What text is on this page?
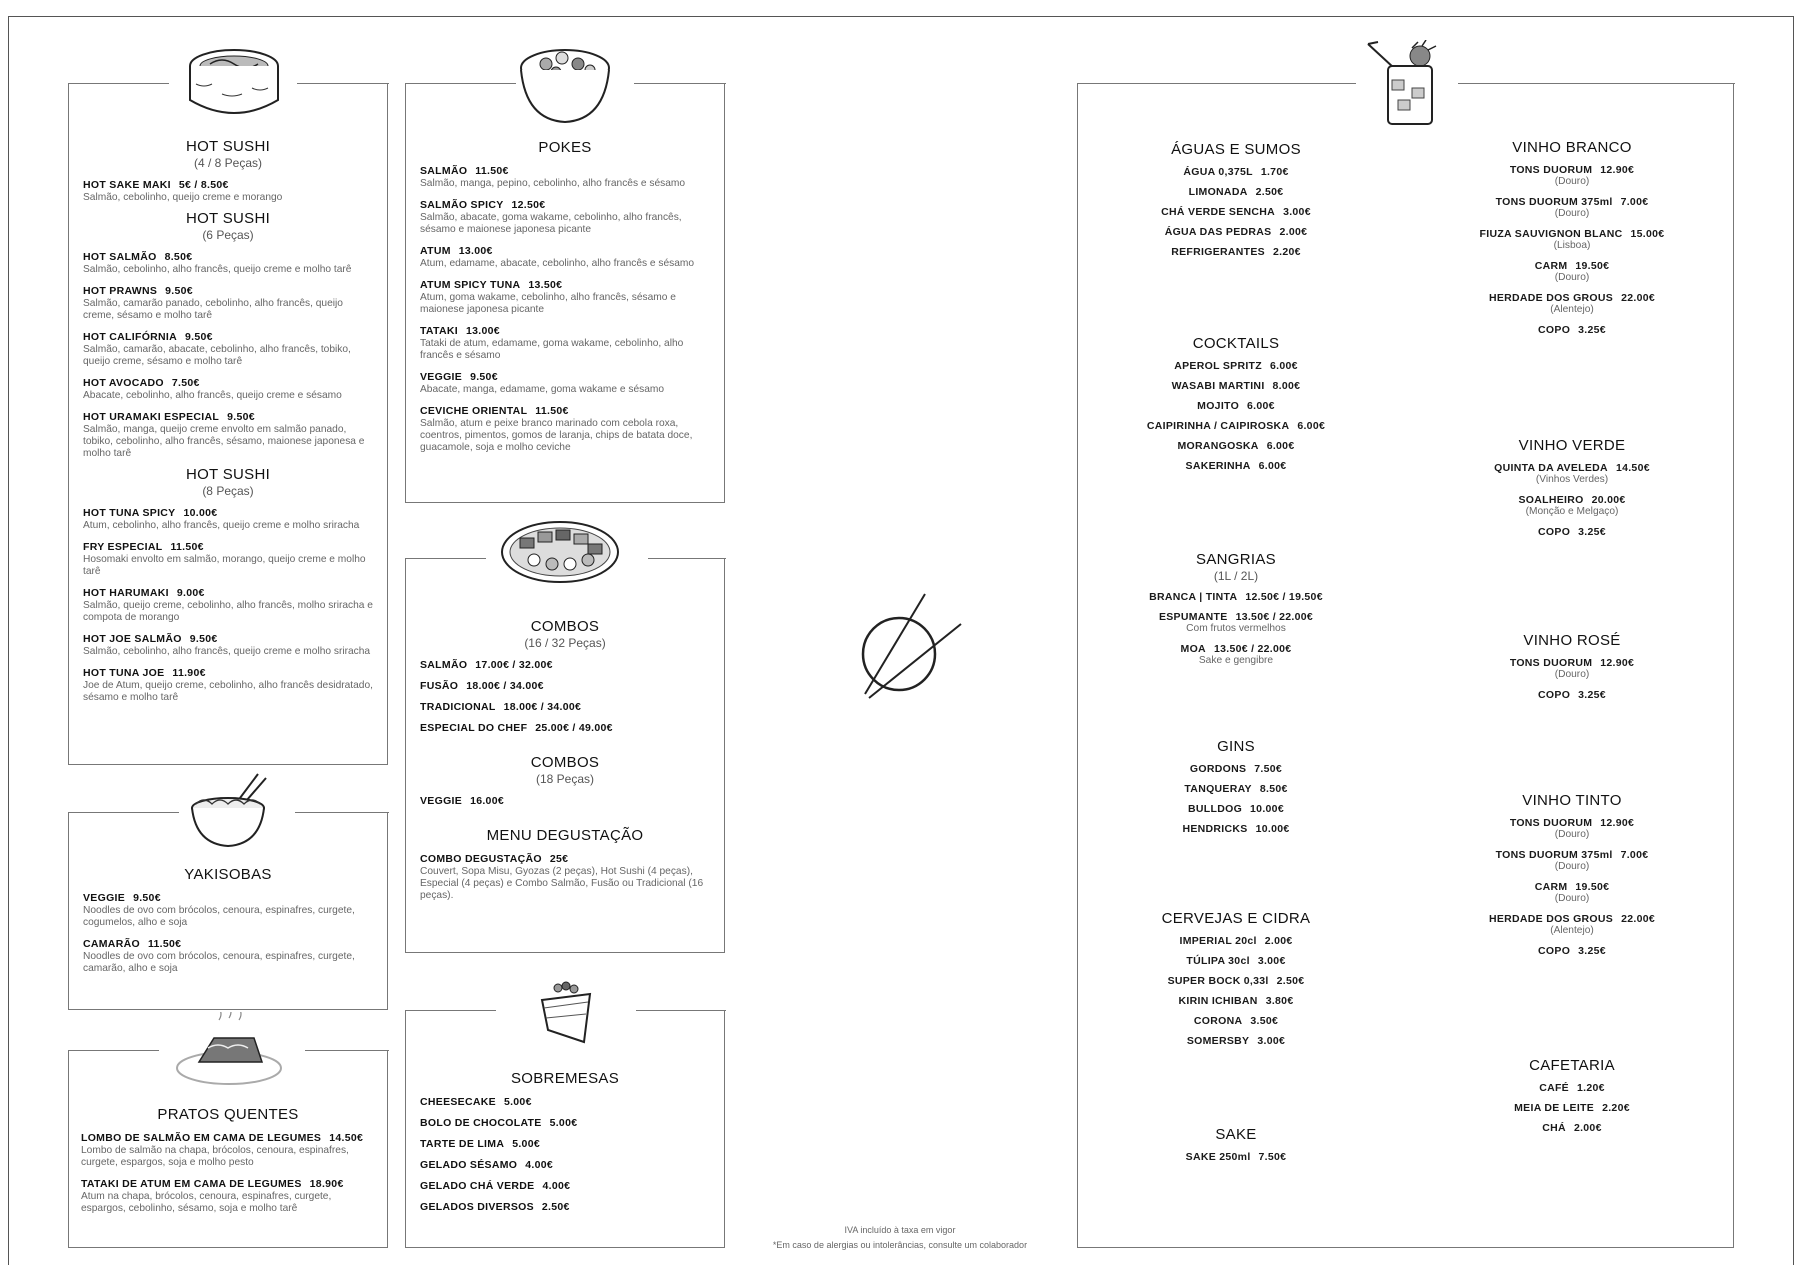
HOT SUSHI
(4 / 8 Peças)
HOT SAKE MAKI 5€ / 8.50€
Salmão, cebolinho, queijo creme e morango
HOT SUSHI
(6 Peças)
HOT SALMÃO 8.50€
Salmão, cebolinho, alho francês, queijo creme e molho tarê
HOT PRAWNS 9.50€
Salmão, camarão panado, cebolinho, alho francês, queijo creme, sésamo e molho tarê
HOT CALIFÓRNIA 9.50€
Salmão, camarão, abacate, cebolinho, alho francês, tobiko, queijo creme, sésamo e molho tarê
HOT AVOCADO 7.50€
Abacate, cebolinho, alho francês, queijo creme e sésamo
HOT URAMAKI ESPECIAL 9.50€
Salmão, manga, queijo creme envolto em salmão panado, tobiko, cebolinho, alho francês, sésamo, maionese japonesa e molho tarê
HOT SUSHI
(8 Peças)
HOT TUNA SPICY 10.00€
Atum, cebolinho, alho francês, queijo creme e molho sriracha
FRY ESPECIAL 11.50€
Hosomaki envolto em salmão, morango, queijo creme e molho tarê
HOT HARUMAKI 9.00€
Salmão, queijo creme, cebolinho, alho francês, molho sriracha e compota de morango
HOT JOE SALMÃO 9.50€
Salmão, cebolinho, alho francês, queijo creme e molho sriracha
HOT TUNA JOE 11.90€
Joe de Atum, queijo creme, cebolinho, alho francês desidratado, sésamo e molho tarê
YAKISOBAS
VEGGIE 9.50€
Noodles de ovo com brócolos, cenoura, espinafres, curgete, cogumelos, alho e soja
CAMARÃO 11.50€
Noodles de ovo com brócolos, cenoura, espinafres, curgete, camarão, alho e soja
PRATOS QUENTES
LOMBO DE SALMÃO EM CAMA DE LEGUMES 14.50€
Lombo de salmão na chapa, brócolos, cenoura, espinafres, curgete, espargos, soja e molho pesto
TATAKI DE ATUM EM CAMA DE LEGUMES 18.90€
Atum na chapa, brócolos, cenoura, espinafres, curgete, espargos, cebolinho, sésamo, soja e molho tarê
POKES
SALMÃO 11.50€
Salmão, manga, pepino, cebolinho, alho francês e sésamo
SALMÃO SPICY 12.50€
Salmão, abacate, goma wakame, cebolinho, alho francês, sésamo e maionese japonesa picante
ATUM 13.00€
Atum, edamame, abacate, cebolinho, alho francês e sésamo
ATUM SPICY TUNA 13.50€
Atum, goma wakame, cebolinho, alho francês, sésamo e maionese japonesa picante
TATAKI 13.00€
Tataki de atum, edamame, goma wakame, cebolinho, alho francês e sésamo
VEGGIE 9.50€
Abacate, manga, edamame, goma wakame e sésamo
CEVICHE ORIENTAL 11.50€
Salmão, atum e peixe branco marinado com cebola roxa, coentros, pimentos, gomos de laranja, chips de batata doce, guacamole, soja e molho ceviche
COMBOS
(16 / 32 Peças)
SALMÃO 17.00€ / 32.00€
FUSÃO 18.00€ / 34.00€
TRADICIONAL 18.00€ / 34.00€
ESPECIAL DO CHEF 25.00€ / 49.00€
COMBOS
(18 Peças)
VEGGIE 16.00€
MENU DEGUSTAÇÃO
COMBO DEGUSTAÇÃO 25€
Couvert, Sopa Misu, Gyozas (2 peças), Hot Sushi (4 peças), Especial (4 peças) e Combo Salmão, Fusão ou Tradicional (16 peças).
SOBREMESAS
CHEESECAKE 5.00€
BOLO DE CHOCOLATE 5.00€
TARTE DE LIMA 5.00€
GELADO SÉSAMO 4.00€
GELADO CHÁ VERDE 4.00€
GELADOS DIVERSOS 2.50€
IVA incluído à taxa em vigor
*Em caso de alergias ou intolerâncias, consulte um colaborador
ÁGUAS E SUMOS
ÁGUA 0,375L 1.70€
LIMONADA 2.50€
CHÁ VERDE SENCHA 3.00€
ÁGUA DAS PEDRAS 2.00€
REFRIGERANTES 2.20€
COCKTAILS
APEROL SPRITZ 6.00€
WASABI MARTINI 8.00€
MOJITO 6.00€
CAIPIRINHA / CAIPIROSKA 6.00€
MORANGOSKA 6.00€
SAKERINHA 6.00€
SANGRIAS
(1L / 2L)
BRANCA | TINTA 12.50€ / 19.50€
ESPUMANTE 13.50€ / 22.00€
Com frutos vermelhos
MOA 13.50€ / 22.00€
Sake e gengibre
GINS
GORDONS 7.50€
TANQUERAY 8.50€
BULLDOG 10.00€
HENDRICKS 10.00€
CERVEJAS E CIDRA
IMPERIAL 20cl 2.00€
TÚLIPA 30cl 3.00€
SUPER BOCK 0,33l 2.50€
KIRIN ICHIBAN 3.80€
CORONA 3.50€
SOMERSBY 3.00€
SAKE
SAKE 250ml 7.50€
VINHO BRANCO
TONS DUORUM 12.90€
(Douro)
TONS DUORUM 375ml 7.00€
(Douro)
FIUZA SAUVIGNON BLANC 15.00€
(Lisboa)
CARM 19.50€
(Douro)
HERDADE DOS GROUS 22.00€
(Alentejo)
COPO 3.25€
VINHO VERDE
QUINTA DA AVELEDA 14.50€
(Vinhos Verdes)
SOALHEIRO 20.00€
(Monção e Melgaço)
COPO 3.25€
VINHO ROSÉ
TONS DUORUM 12.90€
(Douro)
COPO 3.25€
VINHO TINTO
TONS DUORUM 12.90€
(Douro)
TONS DUORUM 375ml 7.00€
(Douro)
CARM 19.50€
(Douro)
HERDADE DOS GROUS 22.00€
(Alentejo)
COPO 3.25€
CAFETARIA
CAFÉ 1.20€
MEIA DE LEITE 2.20€
CHÁ 2.00€
